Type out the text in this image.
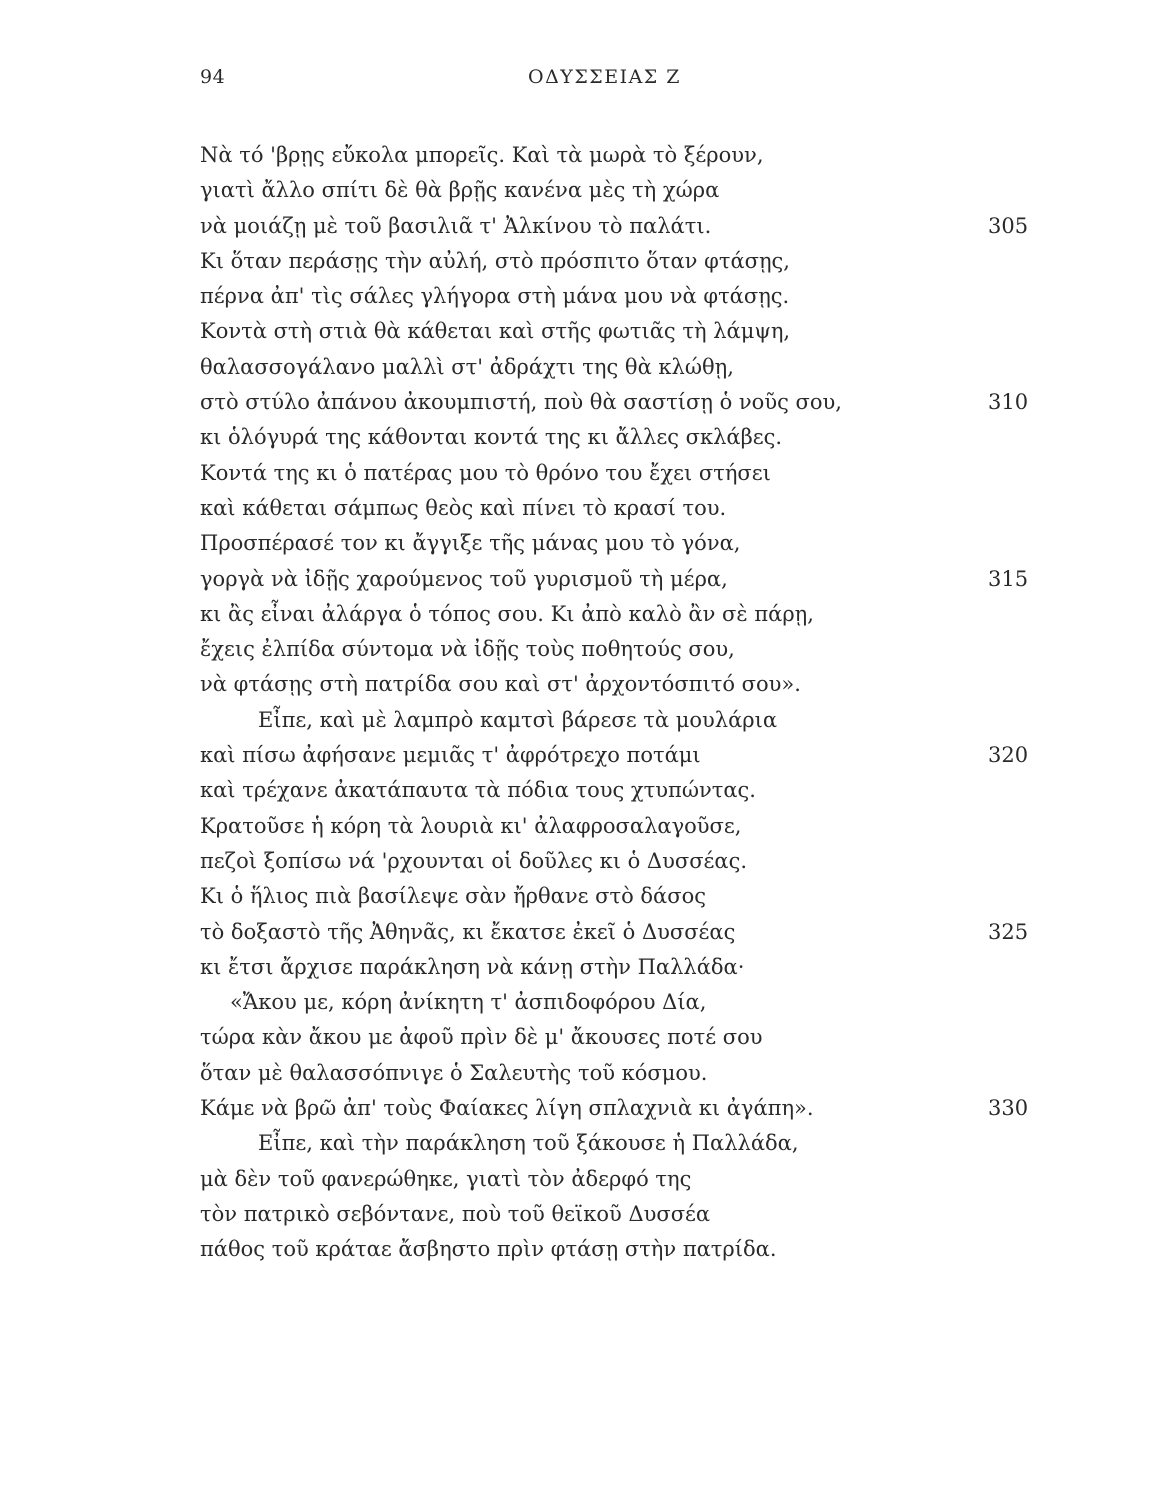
94	ΟΔΥΣΣΕΙΑΣ Ζ
Νὰ τό 'βρῃς εὔκολα μπορεῖς. Καὶ τὰ μωρὰ τὸ ξέρουν,
γιατὶ ἄλλο σπίτι δὲ θὰ βρῇς κανένα μὲς τὴ χώρα
νὰ μοιάζῃ μὲ τοῦ βασιλιᾶ τ' Ἀλκίνου τὸ παλάτι.	305
Κι ὅταν περάσῃς τὴν αὐλή, στὸ πρόσπιτο ὅταν φτάσῃς,
πέρνα ἀπ' τὶς σάλες γλήγορα στὴ μάνα μου νὰ φτάσῃς.
Κοντὰ στὴ στιὰ θὰ κάθεται καὶ στῆς φωτιᾶς τὴ λάμψη,
θαλασσογάλανο μαλλὶ στ' ἀδράχτι της θὰ κλώθῃ,
στὸ στύλο ἀπάνου ἀκουμπιστή, ποὺ θὰ σαστίσῃ ὁ νοῦς σου,	310
κι ὁλόγυρά της κάθονται κοντά της κι ἄλλες σκλάβες.
Κοντά της κι ὁ πατέρας μου τὸ θρόνο του ἔχει στήσει
καὶ κάθεται σάμπως θεὸς καὶ πίνει τὸ κρασί του.
Προσπέρασέ τον κι ἄγγιξε τῆς μάνας μου τὸ γόνα,
γοργὰ νὰ ἰδῇς χαρούμενος τοῦ γυρισμοῦ τὴ μέρα,	315
κι ἂς εἶναι ἀλάργα ὁ τόπος σου. Κι ἀπὸ καλὸ ἂν σὲ πάρῃ,
ἔχεις ἐλπίδα σύντομα νὰ ἰδῇς τοὺς ποθητούς σου,
νὰ φτάσῃς στὴ πατρίδα σου καὶ στ' ἀρχοντόσπιτό σου».
Εἶπε, καὶ μὲ λαμπρὸ καμτσὶ βάρεσε τὰ μουλάρια
καὶ πίσω ἀφήσανε μεμιᾶς τ' ἀφρότρεχο ποτάμι	320
καὶ τρέχανε ἀκατάπαυτα τὰ πόδια τους χτυπώντας.
Κρατοῦσε ἡ κόρη τὰ λουριὰ κι' ἀλαφροσαλαγοῦσε,
πεζοὶ ξοπίσω νά 'ρχουνται οἱ δοῦλες κι ὁ Δυσσέας.
Κι ὁ ἥλιος πιὰ βασίλεψε σὰν ἤρθανε στὸ δάσος
τὸ δοξαστὸ τῆς Ἀθηνᾶς, κι ἔκατσε ἐκεῖ ὁ Δυσσέας	325
κι ἔτσι ἄρχισε παράκληση νὰ κάνῃ στὴν Παλλάδα·
«Ἄκου με, κόρη ἀνίκητη τ' ἀσπιδοφόρου Δία,
τώρα κὰν ἄκου με ἀφοῦ πρὶν δὲ μ' ἄκουσες ποτέ σου
ὅταν μὲ θαλασσόπνιγε ὁ Σαλευτὴς τοῦ κόσμου.
Κάμε νὰ βρῶ ἀπ' τοὺς Φαίακες λίγη σπλαχνιὰ κι ἀγάπη».	330
Εἶπε, καὶ τὴν παράκληση τοῦ ξάκουσε ἡ Παλλάδα,
μὰ δὲν τοῦ φανερώθηκε, γιατὶ τὸν ἀδερφό της
τὸν πατρικὸ σεβόντανε, ποὺ τοῦ θεϊκοῦ Δυσσέα
πάθος τοῦ κράταε ἄσβηστο πρὶν φτάσῃ στὴν πατρίδα.
